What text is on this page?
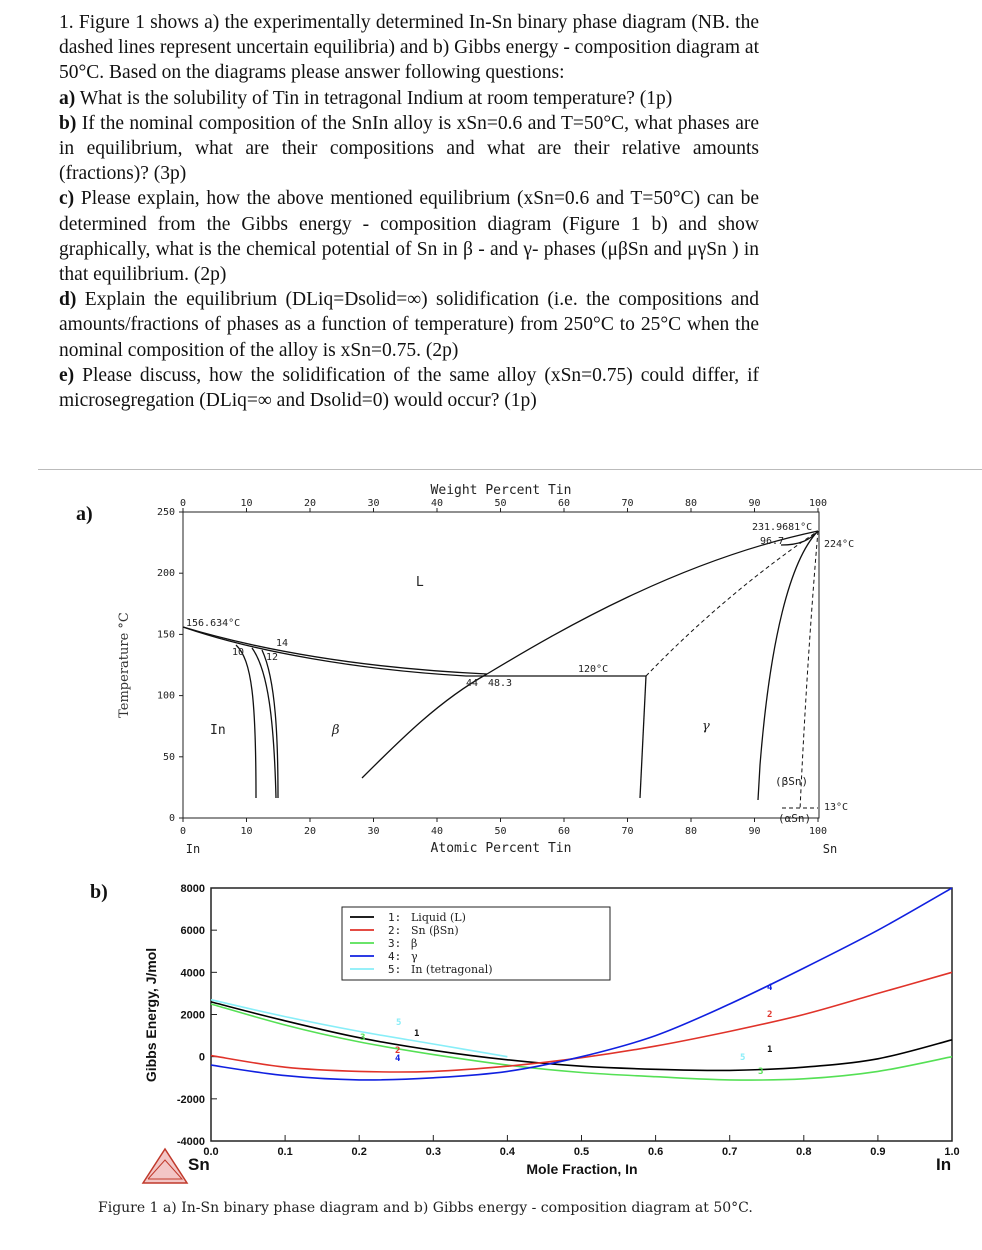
1. Figure 1 shows a) the experimentally determined In-Sn binary phase diagram (NB. the dashed lines represent uncertain equilibria) and b) Gibbs energy - composition diagram at 50°C. Based on the diagrams please answer following questions:

a) What is the solubility of Tin in tetragonal Indium at room temperature? (1p)

b) If the nominal composition of the SnIn alloy is xSn=0.6 and T=50°C, what phases are in equilibrium, what are their compositions and what are their relative amounts (fractions)? (3p)

c) Please explain, how the above mentioned equilibrium (xSn=0.6 and T=50°C) can be determined from the Gibbs energy - composition diagram (Figure 1 b) and show graphically, what is the chemical potential of Sn in β - and γ- phases (μβSn and μγSn ) in that equilibrium. (2p)

d) Explain the equilibrium (DLiq=Dsolid=∞) solidification (i.e. the compositions and amounts/fractions of phases as a function of temperature) from 250°C to 25°C when the nominal composition of the alloy is xSn=0.75. (2p)

e) Please discuss, how the solidification of the same alloy (xSn=0.75) could differ, if microsegregation (DLiq=∞ and Dsolid=0) would occur? (1p)

a)
Weight Percent Tin
Atomic Percent Tin
Temperature °C
In	Sn
0	10	20	30	40	50	60	70	80	90	100
0	10	20	30	40	50	60	70	80	90	100
0
50
100
150
200
250
156.634°C
231.9681°C
96.7	224°C
120°C
13°C
10 12
14
44 48.3
L
In	β	γ
(βSn)
(αSn)
b)
Gibbs Energy, J/mol
Mole Fraction, In
Sn	In
8000
6000
4000
2000
0
-2000
-4000
0.0	0.1	0.2	0.3	0.4	0.5	0.6	0.7	0.8	0.9	1.0
5
1
3
2
4
4
2
1
5
3
1: Liquid (L)
2: Sn (βSn)
3: β
4: γ
5: In (tetragonal)
Figure 1 a) In-Sn binary phase diagram and b) Gibbs energy - composition diagram at 50°C.
